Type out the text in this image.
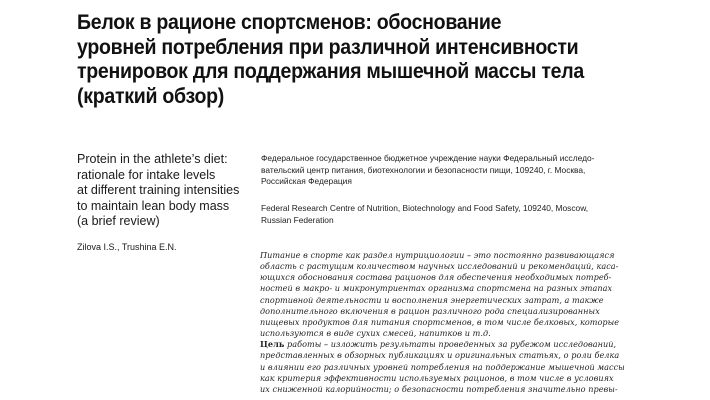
Белок в рационе спортсменов: обоснование
уровней потребления при различной интенсивности
тренировок для поддержания мышечной массы тела
(краткий обзор)
Protein in the athlete’s diet:
rationale for intake levels
at different training intensities
to maintain lean body mass
(a brief review)
Zilova I.S., Trushina E.N.
Федеральное государственное бюджетное учреждение науки Федеральный исследо-
вательский центр питания, биотехнологии и безопасности пищи, 109240, г. Москва,
Российская Федерация
Federal Research Centre of Nutrition, Biotechnology and Food Safety, 109240, Moscow,
Russian Federation
Питание в спорте как раздел нутрициологии – это постоянно развивающаяся
область с растущим количеством научных исследований и рекомендаций, каса-
ющихся обоснования состава рационов для обеспечения необходимых потреб-
ностей в макро- и микронутриентах организма спортсмена на разных этапах
спортивной деятельности и восполнения энергетических затрат, а также
дополнительного включения в рацион различного рода специализированных
пищевых продуктов для питания спортсменов, в том числе белковых, которые
используются в виде сухих смесей, напитков и т.д.
Цель работы – изложить результаты проведенных за рубежом исследований,
представленных в обзорных публикациях и оригинальных статьях, о роли белка
и влиянии его различных уровней потребления на поддержание мышечной массы
как критерия эффективности используемых рационов, в том числе в условиях
их сниженной калорийности; о безопасности потребления значительно превы-
